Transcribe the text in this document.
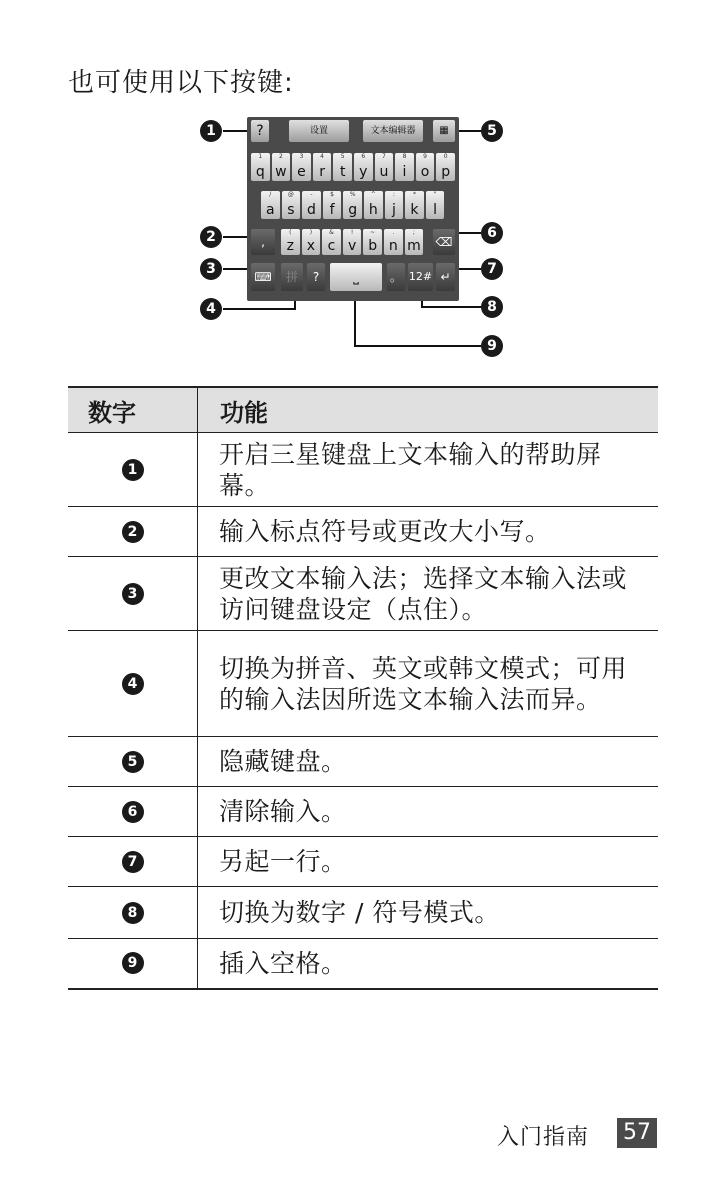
也可使用以下按键:
?	设置	文本编辑器	▦
1
q
2
w
3
e
4
r
5
t
6
y
7
u
8
i
9
o
0
p
/
a
@
s
-
d
$
f
%
g
^
h
:
j
*
k
"
l
,
(
z
)
x
&
c
!
v
~
b
.
n
;
m ⌫
⌨	拼	?	⎵	。 12# ↵
1	5
2	6
3	7
4	8
9
数字	功能
1	开启三星键盘上文本输入的帮助屏幕。
2	输入标点符号或更改大小写。
3	更改文本输入法；选择文本输入法或访问键盘设定（点住）。
4	切换为拼音、英文或韩文模式；可用的输入法因所选文本输入法而异。
5	隐藏键盘。
6	清除输入。
7	另起一行。
8	切换为数字 / 符号模式。
9	插入空格。
入门指南 57
